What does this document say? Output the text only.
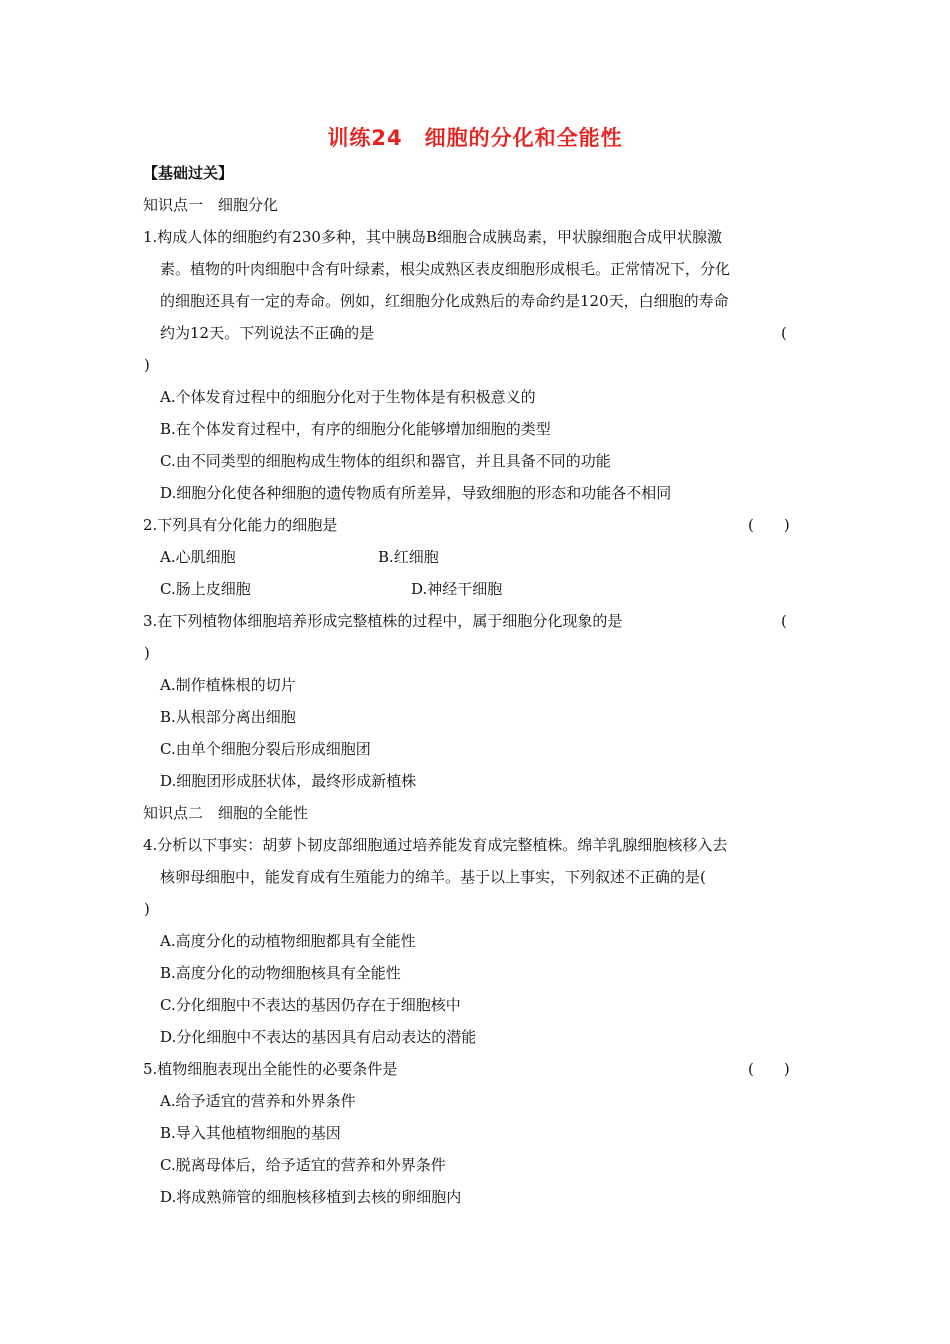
训练24　细胞的分化和全能性
【基础过关】
知识点一　细胞分化
1.构成人体的细胞约有230多种，其中胰岛B细胞合成胰岛素，甲状腺细胞合成甲状腺激
素。植物的叶肉细胞中含有叶绿素，根尖成熟区表皮细胞形成根毛。正常情况下，分化
的细胞还具有一定的寿命。例如，红细胞分化成熟后的寿命约是120天，白细胞的寿命
约为12天。下列说法不正确的是	(
)
A.个体发育过程中的细胞分化对于生物体是有积极意义的
B.在个体发育过程中，有序的细胞分化能够增加细胞的类型
C.由不同类型的细胞构成生物体的组织和器官，并且具备不同的功能
D.细胞分化使各种细胞的遗传物质有所差异，导致细胞的形态和功能各不相同
2.下列具有分化能力的细胞是	(　　)
A.心肌细胞	B.红细胞
C.肠上皮细胞	D.神经干细胞
3.在下列植物体细胞培养形成完整植株的过程中，属于细胞分化现象的是	(
)
A.制作植株根的切片
B.从根部分离出细胞
C.由单个细胞分裂后形成细胞团
D.细胞团形成胚状体，最终形成新植株
知识点二　细胞的全能性
4.分析以下事实：胡萝卜韧皮部细胞通过培养能发育成完整植株。绵羊乳腺细胞核移入去
核卵母细胞中，能发育成有生殖能力的绵羊。基于以上事实，下列叙述不正确的是(
)
A.高度分化的动植物细胞都具有全能性
B.高度分化的动物细胞核具有全能性
C.分化细胞中不表达的基因仍存在于细胞核中
D.分化细胞中不表达的基因具有启动表达的潜能
5.植物细胞表现出全能性的必要条件是	(　　)
A.给予适宜的营养和外界条件
B.导入其他植物细胞的基因
C.脱离母体后，给予适宜的营养和外界条件
D.将成熟筛管的细胞核移植到去核的卵细胞内
